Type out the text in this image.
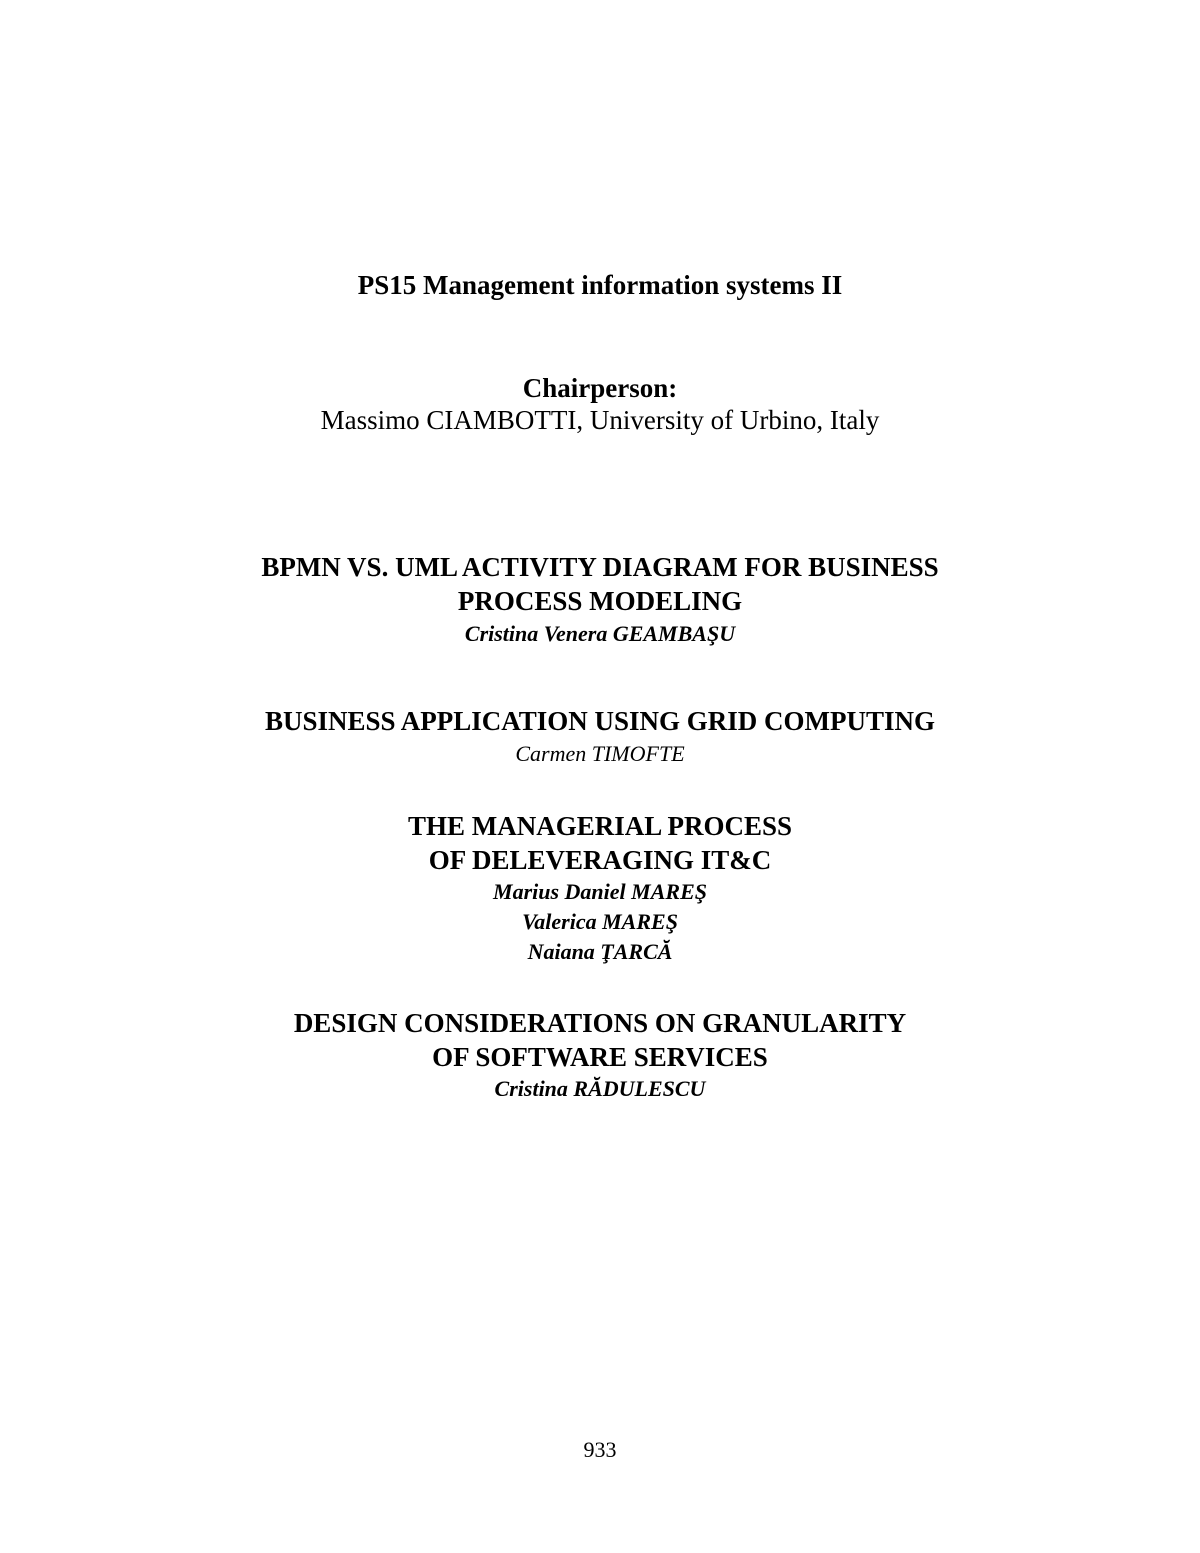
PS15 Management information systems II
Chairperson:
Massimo CIAMBOTTI, University of Urbino, Italy
BPMN VS. UML ACTIVITY DIAGRAM FOR BUSINESS
PROCESS MODELING
Cristina Venera GEAMBAŞU
BUSINESS APPLICATION USING GRID COMPUTING
Carmen TIMOFTE
THE MANAGERIAL PROCESS
OF DELEVERAGING IT&C
Marius Daniel MAREŞ
Valerica MAREŞ
Naiana ŢARCĂ
DESIGN CONSIDERATIONS ON GRANULARITY
OF SOFTWARE SERVICES
Cristina RĂDULESCU
933
